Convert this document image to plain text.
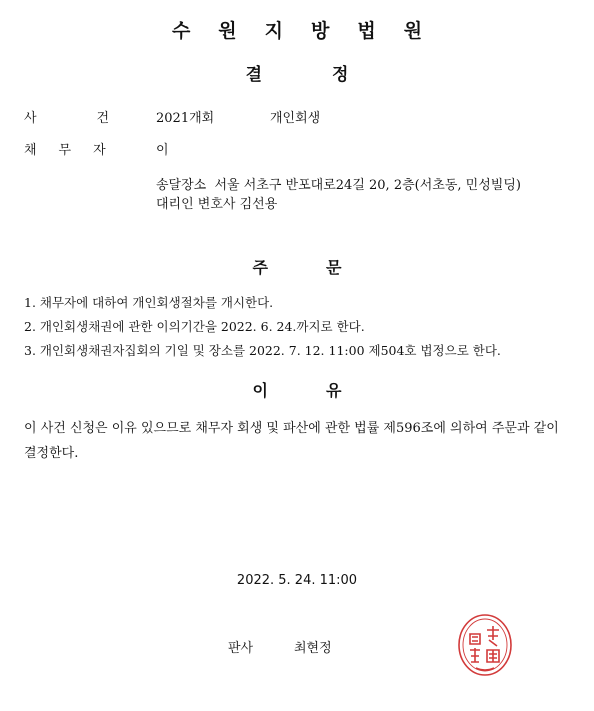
수원지방법원
결정
사건
2021개회	개인회생
채무자 이
송달장소  서울 서초구 반포대로24길 20, 2층(서초동, 민성빌딩)
대리인 변호사 김선용
주문
1. 채무자에 대하여 개인회생절차를 개시한다.
2. 개인회생채권에 관한 이의기간을 2022. 6. 24.까지로 한다.
3. 개인회생채권자집회의 기일 및 장소를 2022. 7. 12. 11:00 제504호 법정으로 한다.
이유
이 사건 신청은 이유 있으므로 채무자 회생 및 파산에 관한 법률 제596조에 의하여 주문과 같이 결정한다.
2022. 5. 24. 11:00
판사	최현정
